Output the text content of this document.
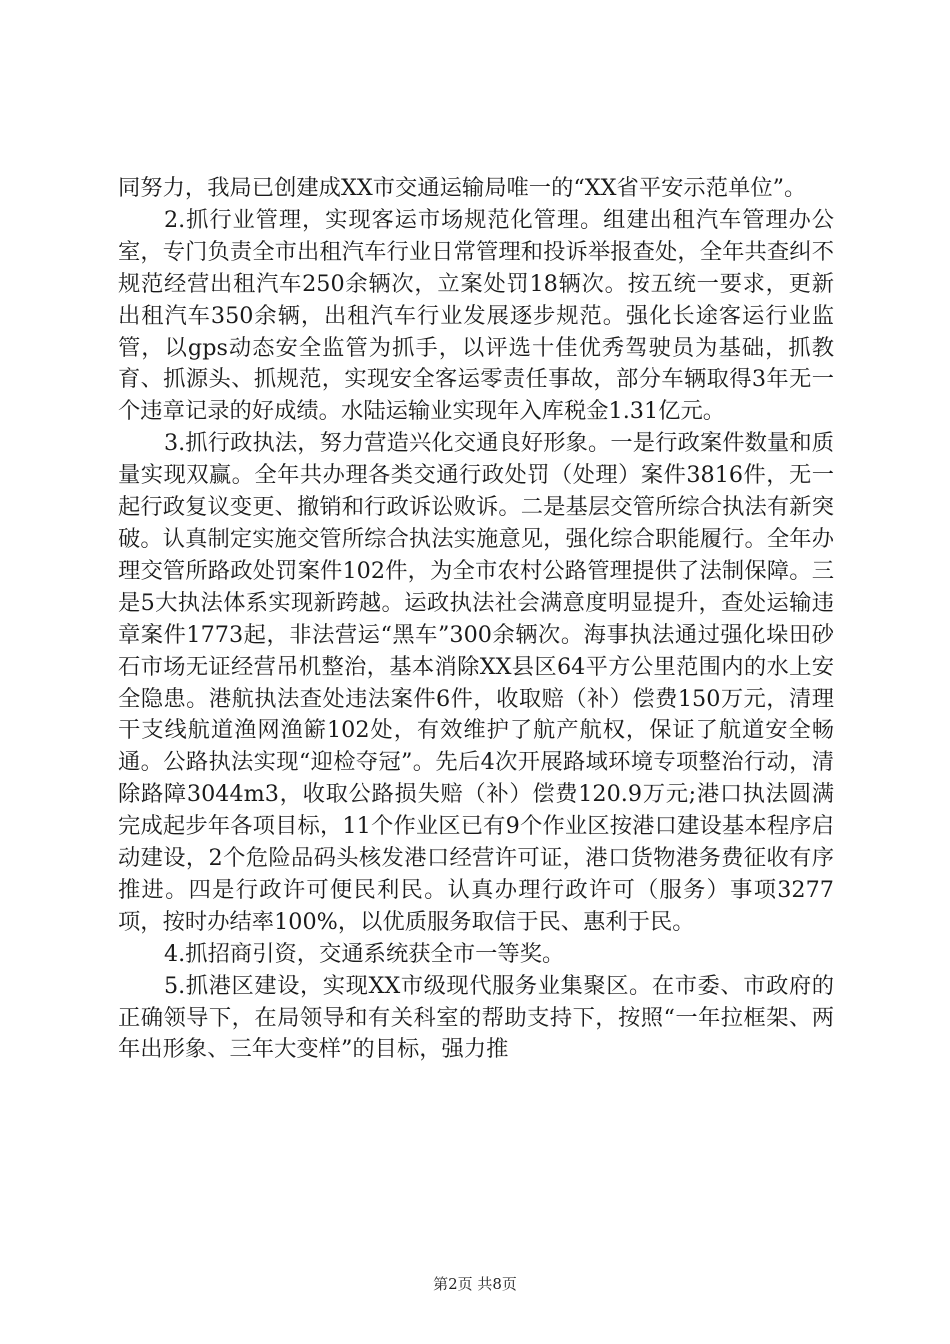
同努力，我局已创建成XX市交通运输局唯一的“XX省平安示范单位”。

2.抓行业管理，实现客运市场规范化管理。组建出租汽车管理办公室，专门负责全市出租汽车行业日常管理和投诉举报查处，全年共查纠不规范经营出租汽车250余辆次，立案处罚18辆次。按五统一要求，更新出租汽车350余辆，出租汽车行业发展逐步规范。强化长途客运行业监管，以gps动态安全监管为抓手，以评选十佳优秀驾驶员为基础，抓教育、抓源头、抓规范，实现安全客运零责任事故，部分车辆取得3年无一个违章记录的好成绩。水陆运输业实现年入库税金1.31亿元。

3.抓行政执法，努力营造兴化交通良好形象。一是行政案件数量和质量实现双赢。全年共办理各类交通行政处罚（处理）案件3816件，无一起行政复议变更、撤销和行政诉讼败诉。二是基层交管所综合执法有新突破。认真制定实施交管所综合执法实施意见，强化综合职能履行。全年办理交管所路政处罚案件102件，为全市农村公路管理提供了法制保障。三是5大执法体系实现新跨越。运政执法社会满意度明显提升，查处运输违章案件1773起，非法营运“黑车”300余辆次。海事执法通过强化垛田砂石市场无证经营吊机整治，基本消除XX县区64平方公里范围内的水上安全隐患。港航执法查处违法案件6件，收取赔（补）偿费150万元，清理干支线航道渔网渔簖102处，有效维护了航产航权，保证了航道安全畅通。公路执法实现“迎检夺冠”。先后4次开展路域环境专项整治行动，清除路障3044m3，收取公路损失赔（补）偿费120.9万元;港口执法圆满完成起步年各项目标，11个作业区已有9个作业区按港口建设基本程序启动建设，2个危险品码头核发港口经营许可证，港口货物港务费征收有序推进。四是行政许可便民利民。认真办理行政许可（服务）事项3277项，按时办结率100%，以优质服务取信于民、惠利于民。

4.抓招商引资，交通系统获全市一等奖。

5.抓港区建设，实现XX市级现代服务业集聚区。在市委、市政府的正确领导下，在局领导和有关科室的帮助支持下，按照“一年拉框架、两年出形象、三年大变样”的目标，强力推

第2页 共8页
